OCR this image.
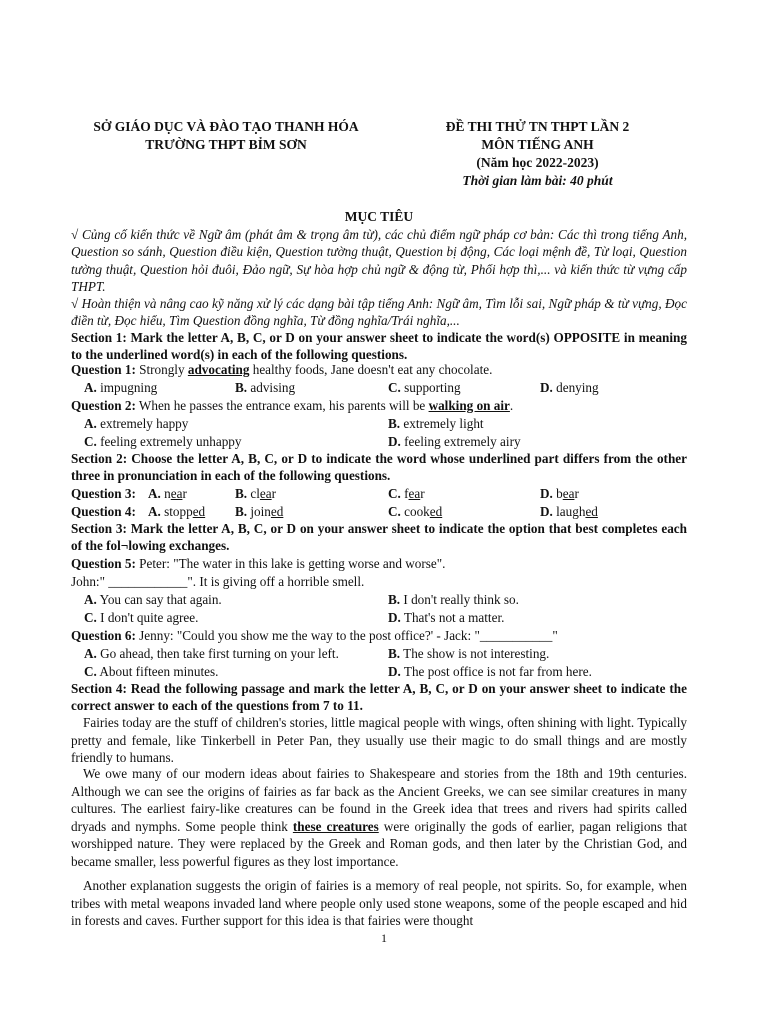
SỞ GIÁO DỤC VÀ ĐÀO TẠO THANH HÓA
TRƯỜNG THPT BỈM SƠN
ĐỀ THI THỬ TN THPT LẦN 2
MÔN TIẾNG ANH
(Năm học 2022-2023)
Thời gian làm bài: 40 phút
MỤC TIÊU
√ Củng cố kiến thức về Ngữ âm (phát âm & trọng âm từ), các chủ điểm ngữ pháp cơ bản: Các thì trong tiếng Anh, Question so sánh, Question điều kiện, Question tường thuật, Question bị động, Các loại mệnh đề, Từ loại, Question tường thuật, Question hỏi đuôi, Đảo ngữ, Sự hòa hợp chủ ngữ & động từ, Phối hợp thì,... và kiến thức từ vựng cấp THPT.
√ Hoàn thiện và nâng cao kỹ năng xử lý các dạng bài tập tiếng Anh: Ngữ âm, Tìm lỗi sai, Ngữ pháp & từ vựng, Đọc điền từ, Đọc hiểu, Tìm Question đồng nghĩa, Từ đồng nghĩa/Trái nghĩa,...
Section 1: Mark the letter A, B, C, or D on your answer sheet to indicate the word(s) OPPOSITE in meaning to the underlined word(s) in each of the following questions.
Question 1: Strongly advocating healthy foods, Jane doesn't eat any chocolate.
A. impugning	B. advising	C. supporting	D. denying
Question 2: When he passes the entrance exam, his parents will be walking on air.
A. extremely happy	B. extremely light
C. feeling extremely unhappy	D. feeling extremely airy
Section 2: Choose the letter A, B, C, or D to indicate the word whose underlined part differs from the other three in pronunciation in each of the following questions.
Question 3: A. near	B. clear	C. fear	D. bear
Question 4: A. stopped B. joined	C. cooked	D. laughed
Section 3: Mark the letter A, B, C, or D on your answer sheet to indicate the option that best completes each of the fol¬lowing exchanges.
Question 5: Peter: "The water in this lake is getting worse and worse".
John:" ____________". It is giving off a horrible smell.
A. You can say that again.	B. I don't really think so.
C. I don't quite agree.	D. That's not a matter.
Question 6: Jenny: "Could you show me the way to the post office?' - Jack: "___________"
A. Go ahead, then take first turning on your left.	B. The show is not interesting.
C. About fifteen minutes.	D. The post office is not far from here.
Section 4: Read the following passage and mark the letter A, B, C, or D on your answer sheet to indicate the correct answer to each of the questions from 7 to 11.
Fairies today are the stuff of children's stories, little magical people with wings, often shining with light. Typically pretty and female, like Tinkerbell in Peter Pan, they usually use their magic to do small things and are mostly friendly to humans.
We owe many of our modern ideas about fairies to Shakespeare and stories from the 18th and 19th centuries. Although we can see the origins of fairies as far back as the Ancient Greeks, we can see similar creatures in many cultures. The earliest fairy-like creatures can be found in the Greek idea that trees and rivers had spirits called dryads and nymphs. Some people think these creatures were originally the gods of earlier, pagan religions that worshipped nature. They were replaced by the Greek and Roman gods, and then later by the Christian God, and became smaller, less powerful figures as they lost importance.
Another explanation suggests the origin of fairies is a memory of real people, not spirits. So, for example, when tribes with metal weapons invaded land where people only used stone weapons, some of the people escaped and hid in forests and caves. Further support for this idea is that fairies were thought
1
